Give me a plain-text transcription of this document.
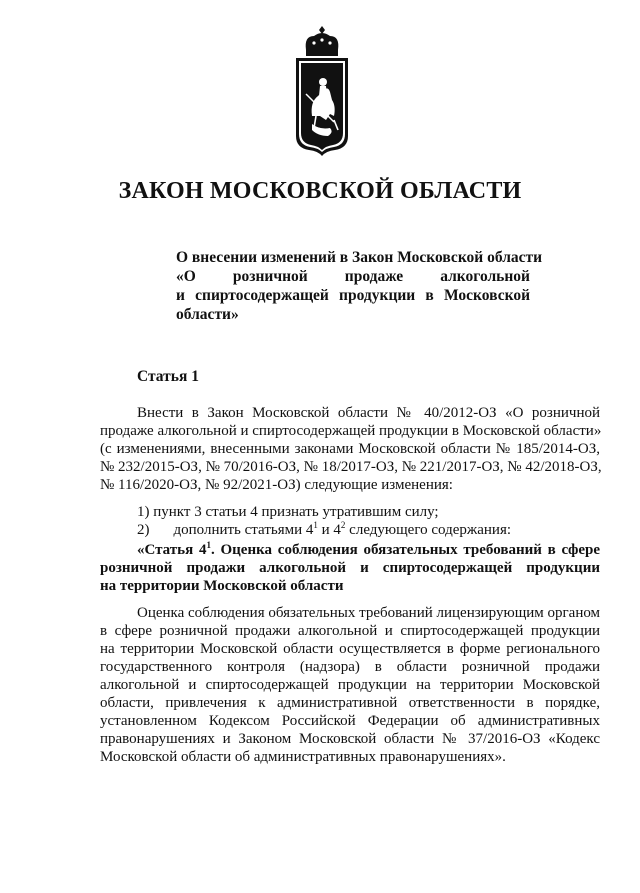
ЗАКОН МОСКОВСКОЙ ОБЛАСТИ
О внесении изменений в Закон Московской области
«О розничной продаже алкогольной
и спиртосодержащей продукции в Московской
области»
Статья 1
Внести в Закон Московской области № 40/2012-ОЗ «О розничной
продаже алкогольной и спиртосодержащей продукции в Московской области»
(с изменениями, внесенными законами Московской области № 185/2014-ОЗ,
№ 232/2015-ОЗ, № 70/2016-ОЗ, № 18/2017-ОЗ, № 221/2017-ОЗ, № 42/2018-ОЗ,
№ 116/2020-ОЗ, № 92/2021-ОЗ) следующие изменения:
1) пункт 3 статьи 4 признать утратившим силу;
2) дополнить статьями $4^1$ и $4^2$ следующего содержания:
«Статья $4^1$. Оценка соблюдения обязательных требований в сфере
розничной продажи алкогольной и спиртосодержащей продукции
на территории Московской области
Оценка соблюдения обязательных требований лицензирующим органом
в сфере розничной продажи алкогольной и спиртосодержащей продукции
на территории Московской области осуществляется в форме регионального
государственного контроля (надзора) в области розничной продажи
алкогольной и спиртосодержащей продукции на территории Московской
области, привлечения к административной ответственности в порядке,
установленном Кодексом Российской Федерации об административных
правонарушениях и Законом Московской области № 37/2016-ОЗ «Кодекс
Московской области об административных правонарушениях».
